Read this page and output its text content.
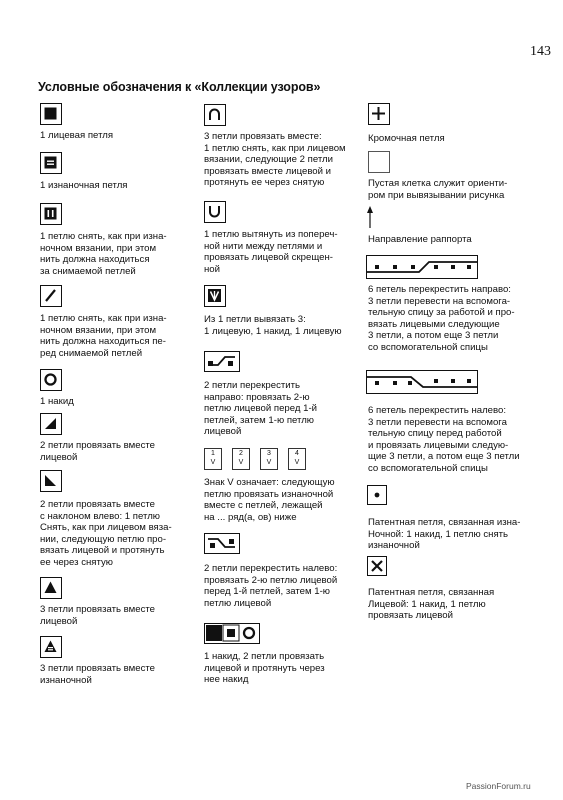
143
Условные обозначения к «Коллекции узоров»
1 лицевая петля
1 изнаночная петля
1 петлю снять, как при изна-
ночном вязании, при этом
нить должна находиться
за снимаемой петлей
1 петлю снять, как при изна-
ночном вязании, при этом
нить должна находиться пе-
ред снимаемой петлей
1 накид
2 петли провязать вместе
лицевой
2 петли провязать вместе
с наклоном влево: 1 петлю
Снять, как при лицевом вяза-
нии, следующую петлю про-
вязать лицевой и протянуть
ее через снятую
3 петли провязать вместе
лицевой
3 петли провязать вместе
изнаночной
3 петли провязать вместе:
1 петлю снять, как при лицевом
вязании, следующие 2 петли
провязать вместе лицевой и
протянуть ее через снятую
1 петлю вытянуть из попереч-
ной нити между петлями и
провязать лицевой скрещен-
ной
Из 1 петли вывязать 3:
1 лицевую, 1 накид, 1 лицевую
2 петли перекрестить
направо: провязать 2-ю
петлю лицевой перед 1-й
петлей, затем 1-ю петлю
лицевой
1
V
2
V
3
V
4
V
Знак V означает: следующую
петлю провязать изнаночной
вместе с петлей, лежащей
на ... ряд(а, ов) ниже
2 петли перекрестить налево:
провязать 2-ю петлю лицевой
перед 1-й петлей, затем 1-ю
петлю лицевой
1 накид, 2 петли провязать
лицевой и протянуть через
нее накид
Кромочная петля
Пустая клетка служит ориенти-
ром при вывязывании рисунка
Направление раппорта
6 петель перекрестить направо:
3 петли перевести на вспомога-
тельную спицу за работой и про-
вязать лицевыми следующие
3 петли, а потом еще 3 петли
со вспомогательной спицы
6 петель перекрестить налево:
3 петли перевести на вспомога
тельную спицу перед работой
и провязать лицевыми следую-
щие 3 петли, а потом еще 3 петли
со вспомогательной спицы
Патентная петля, связанная изна-
Ночной: 1 накид, 1 петлю снять
изнаночной
Патентная петля, связанная
Лицевой: 1 накид, 1 петлю
провязать лицевой
PassionForum.ru
